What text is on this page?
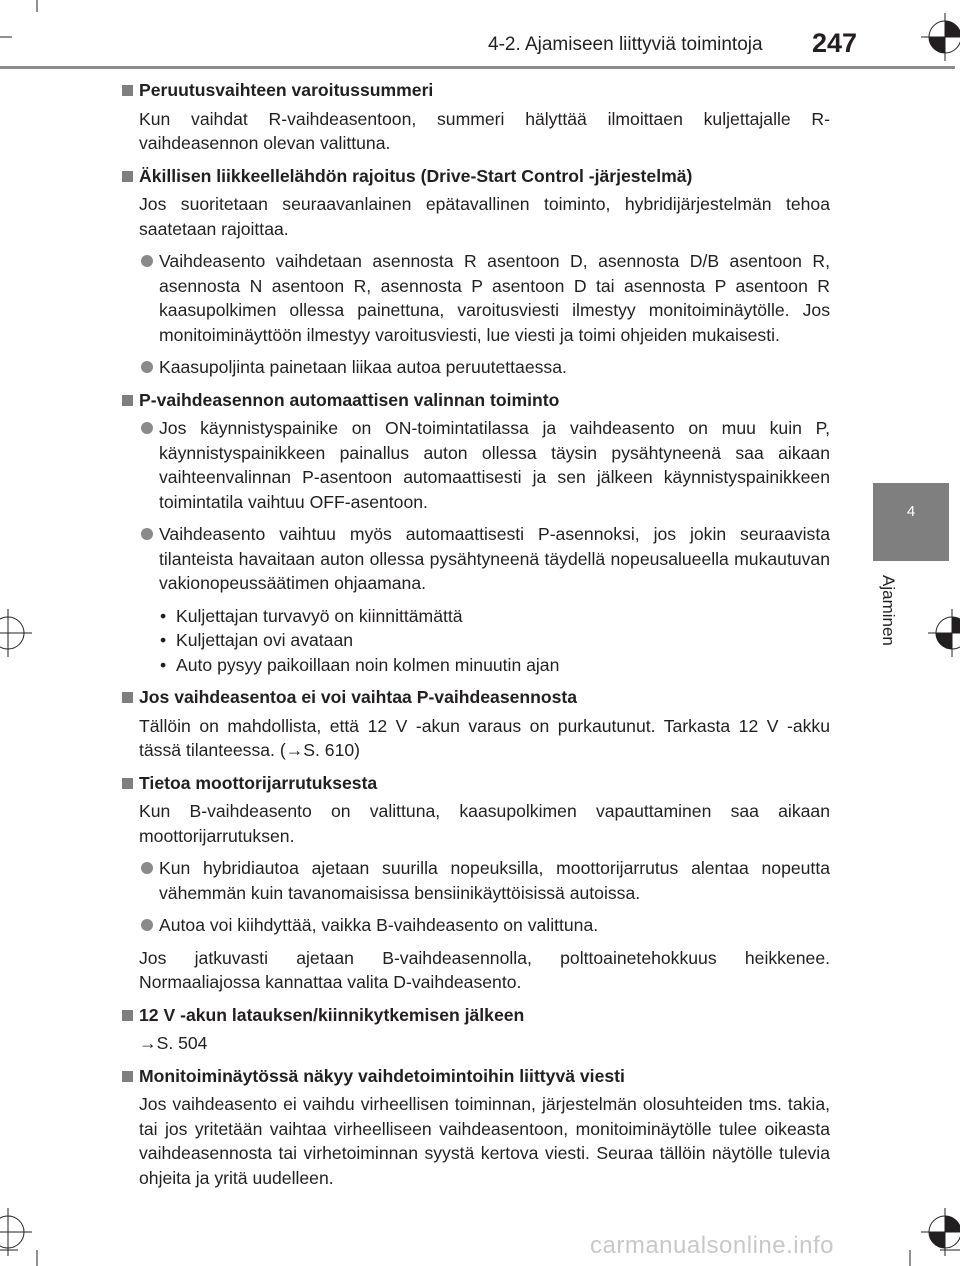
4-2. Ajamiseen liittyviä toimintoja 247
4
Ajaminen
Peruutusvaihteen varoitussummeri
Kun vaihdat R-vaihdeasentoon, summeri hälyttää ilmoittaen kuljettajalle R-vaihdeasennon olevan valittuna.
Äkillisen liikkeellelähdön rajoitus (Drive-Start Control -järjestelmä)
Jos suoritetaan seuraavanlainen epätavallinen toiminto, hybridijärjestelmän tehoa saatetaan rajoittaa.
Vaihdeasento vaihdetaan asennosta R asentoon D, asennosta D/B asentoon R, asennosta N asentoon R, asennosta P asentoon D tai asennosta P asentoon R kaasupolkimen ollessa painettuna, varoitusviesti ilmestyy monitoiminäytölle. Jos monitoiminäyttöön ilmestyy varoitusviesti, lue viesti ja toimi ohjeiden mukaisesti.
Kaasupoljinta painetaan liikaa autoa peruutettaessa.
P-vaihdeasennon automaattisen valinnan toiminto
Jos käynnistyspainike on ON-toimintatilassa ja vaihdeasento on muu kuin P, käynnistyspainikkeen painallus auton ollessa täysin pysähtyneenä saa aikaan vaihteenvalinnan P-asentoon automaattisesti ja sen jälkeen käynnistyspainikkeen toimintatila vaihtuu OFF-asentoon.
Vaihdeasento vaihtuu myös automaattisesti P-asennoksi, jos jokin seuraavista tilanteista havaitaan auton ollessa pysähtyneenä täydellä nopeusalueella mukautuvan vakionopeussäätimen ohjaamana.
• Kuljettajan turvavyö on kiinnittämättä
• Kuljettajan ovi avataan
• Auto pysyy paikoillaan noin kolmen minuutin ajan
Jos vaihdeasentoa ei voi vaihtaa P-vaihdeasennosta
Tällöin on mahdollista, että 12 V -akun varaus on purkautunut. Tarkasta 12 V -akku tässä tilanteessa. (→S. 610)
Tietoa moottorijarrutuksesta
Kun B-vaihdeasento on valittuna, kaasupolkimen vapauttaminen saa aikaan moottorijarrutuksen.
Kun hybridiautoa ajetaan suurilla nopeuksilla, moottorijarrutus alentaa nopeutta vähemmän kuin tavanomaisissa bensiinikäyttöisissä autoissa.
Autoa voi kiihdyttää, vaikka B-vaihdeasento on valittuna.
Jos jatkuvasti ajetaan B-vaihdeasennolla, polttoainetehokkuus heikkenee. Normaaliajossa kannattaa valita D-vaihdeasento.
12 V -akun latauksen/kiinnikytkemisen jälkeen
→S. 504
Monitoiminäytössä näkyy vaihdetoimintoihin liittyvä viesti
Jos vaihdeasento ei vaihdu virheellisen toiminnan, järjestelmän olosuhteiden tms. takia, tai jos yritetään vaihtaa virheelliseen vaihdeasentoon, monitoiminäytölle tulee oikeasta vaihdeasennosta tai virhetoiminnan syystä kertova viesti. Seuraa tällöin näytölle tulevia ohjeita ja yritä uudelleen.
carmanualsonline.info
